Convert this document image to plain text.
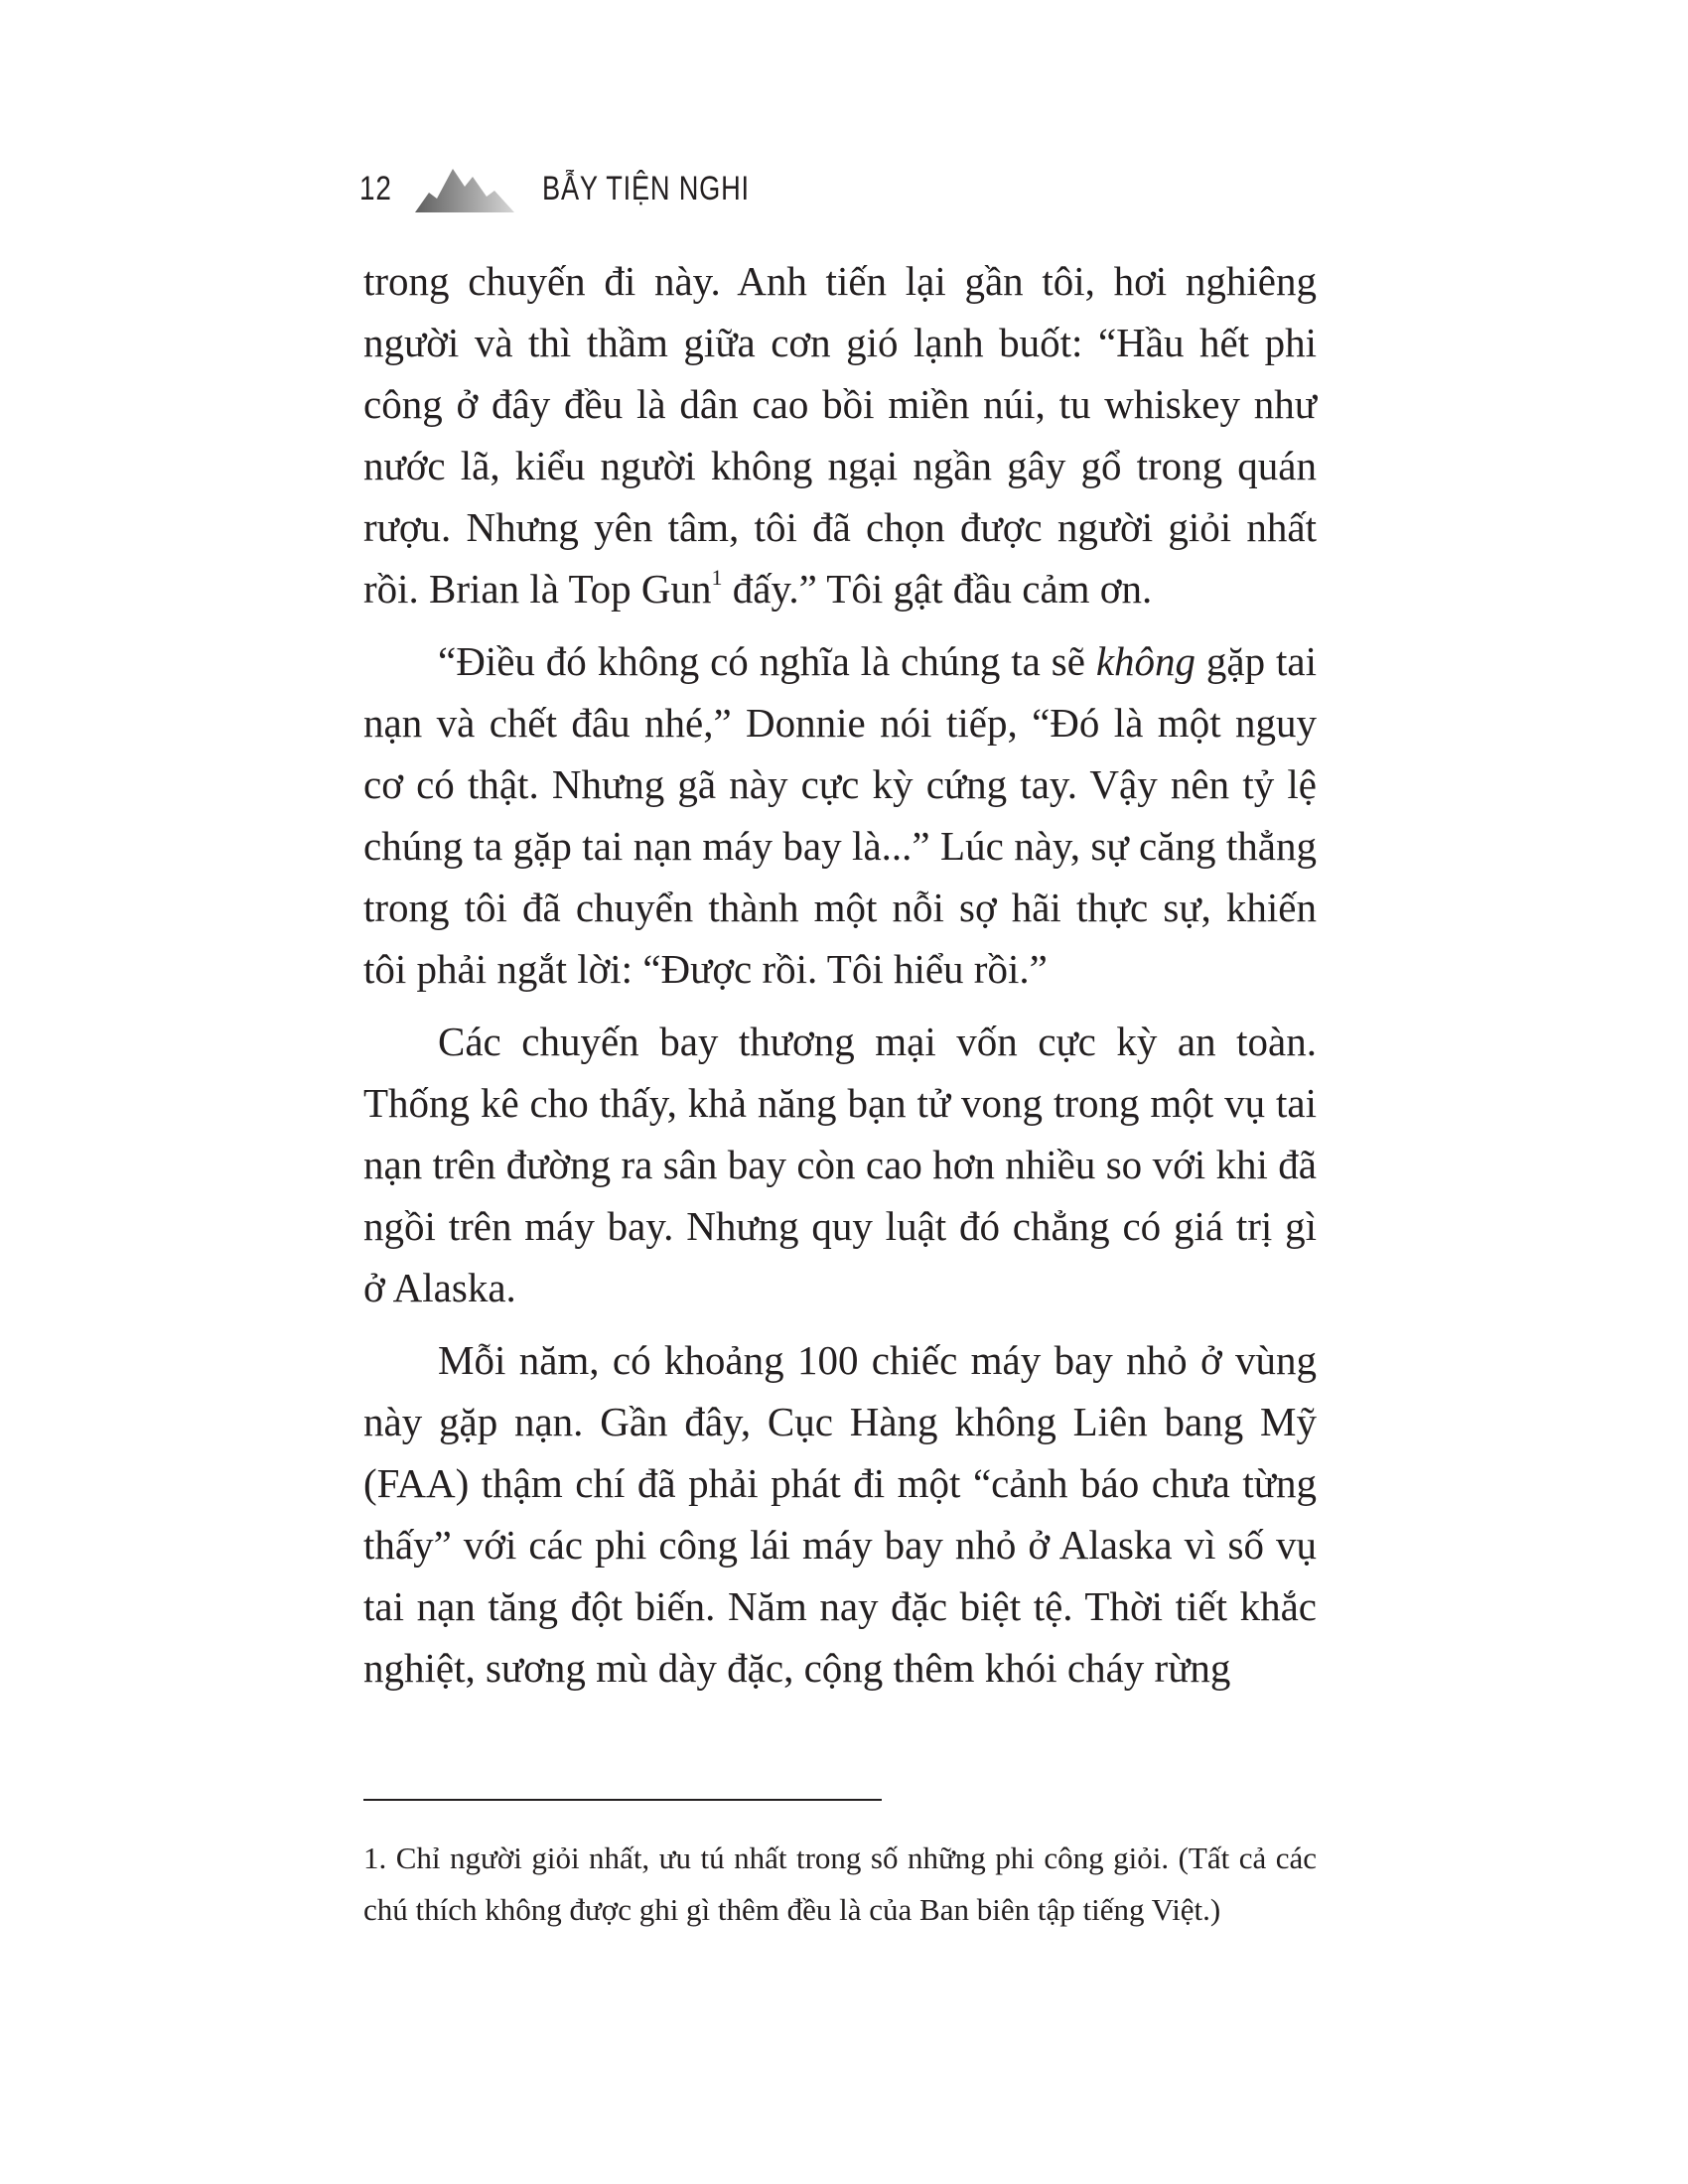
12	BẪY TIỆN NGHI

trong chuyến đi này. Anh tiến lại gần tôi, hơi nghiêng người và thì thầm giữa cơn gió lạnh buốt: “Hầu hết phi công ở đây đều là dân cao bồi miền núi, tu whiskey như nước lã, kiểu người không ngại ngần gây gổ trong quán rượu. Nhưng yên tâm, tôi đã chọn được người giỏi nhất rồi. Brian là Top Gun$^1$ đấy.” Tôi gật đầu cảm ơn.

“Điều đó không có nghĩa là chúng ta sẽ không gặp tai nạn và chết đâu nhé,” Donnie nói tiếp, “Đó là một nguy cơ có thật. Nhưng gã này cực kỳ cứng tay. Vậy nên tỷ lệ chúng ta gặp tai nạn máy bay là...” Lúc này, sự căng thẳng trong tôi đã chuyển thành một nỗi sợ hãi thực sự, khiến tôi phải ngắt lời: “Được rồi. Tôi hiểu rồi.”

Các chuyến bay thương mại vốn cực kỳ an toàn. Thống kê cho thấy, khả năng bạn tử vong trong một vụ tai nạn trên đường ra sân bay còn cao hơn nhiều so với khi đã ngồi trên máy bay. Nhưng quy luật đó chẳng có giá trị gì ở Alaska.

Mỗi năm, có khoảng 100 chiếc máy bay nhỏ ở vùng này gặp nạn. Gần đây, Cục Hàng không Liên bang Mỹ (FAA) thậm chí đã phải phát đi một “cảnh báo chưa từng thấy” với các phi công lái máy bay nhỏ ở Alaska vì số vụ tai nạn tăng đột biến. Năm nay đặc biệt tệ. Thời tiết khắc nghiệt, sương mù dày đặc, cộng thêm khói cháy rừng

1. Chỉ người giỏi nhất, ưu tú nhất trong số những phi công giỏi. (Tất cả các chú thích không được ghi gì thêm đều là của Ban biên tập tiếng Việt.)
